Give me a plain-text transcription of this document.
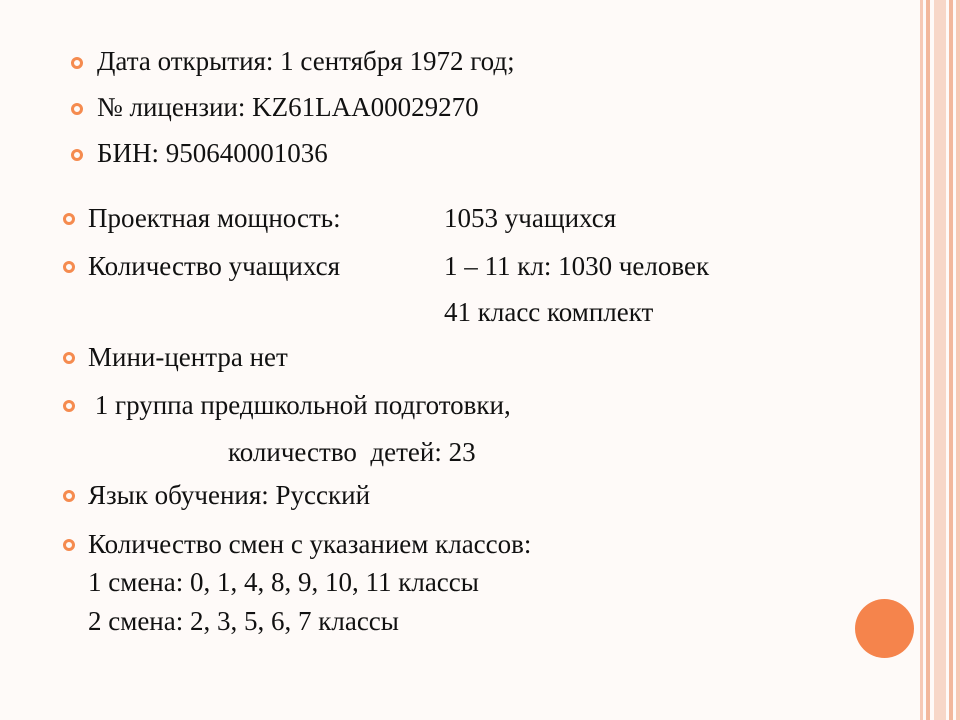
Дата открытия: 1 сентября 1972 год;
№ лицензии: KZ61LAA00029270
БИН: 950640001036
Проектная мощность:	1053 учащихся
Количество учащихся	1 – 11 кл: 1030 человек
41 класс комплект
Мини-центра нет
1 группа предшкольной подготовки,
количество  детей: 23
Язык обучения: Русский
Количество смен с указанием классов:
1 смена: 0, 1, 4, 8, 9, 10, 11 классы
2 смена: 2, 3, 5, 6, 7 классы
